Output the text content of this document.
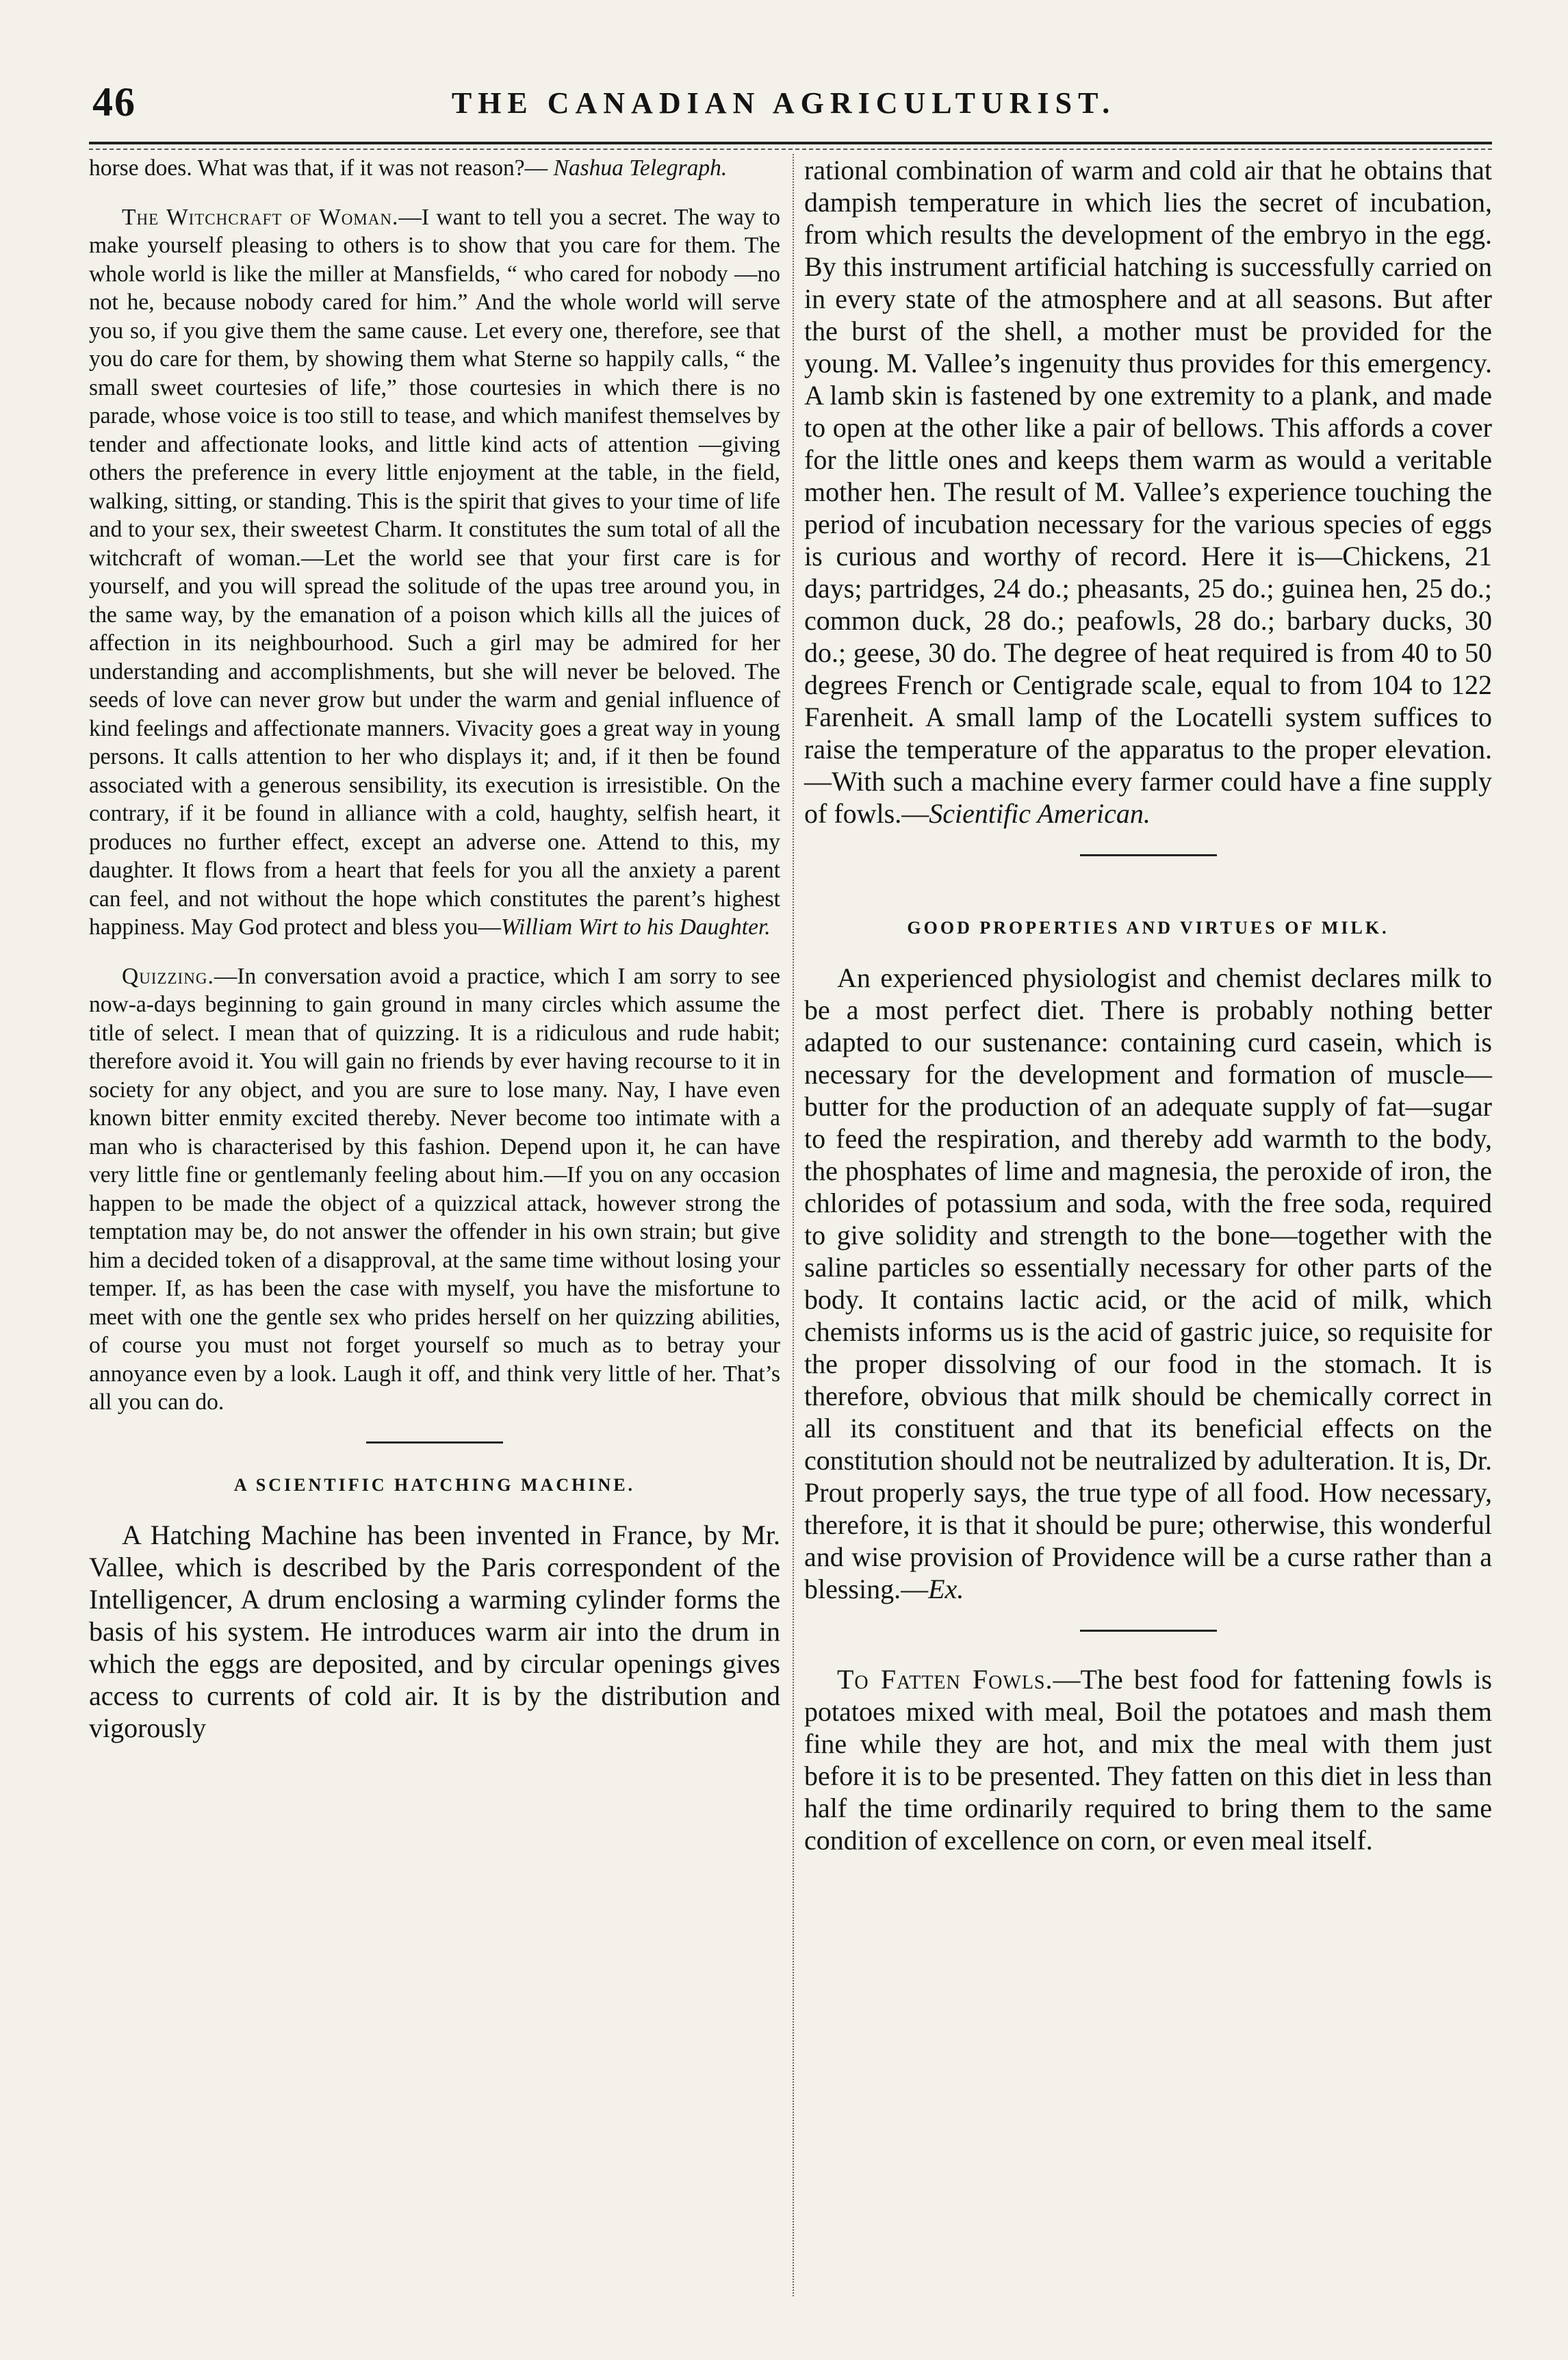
46	THE CANADIAN AGRICULTURIST.

horse does. What was that, if it was not reason?— Nashua Telegraph.

The Witchcraft of Woman.—I want to tell you a secret. The way to make yourself pleasing to others is to show that you care for them. The whole world is like the miller at Mansfields, “ who cared for nobody —no not he, because nobody cared for him.” And the whole world will serve you so, if you give them the same cause. Let every one, therefore, see that you do care for them, by showing them what Sterne so happily calls, “ the small sweet courtesies of life,” those courtesies in which there is no parade, whose voice is too still to tease, and which manifest themselves by tender and affectionate looks, and little kind acts of attention —giving others the preference in every little enjoyment at the table, in the field, walking, sitting, or standing. This is the spirit that gives to your time of life and to your sex, their sweetest Charm. It constitutes the sum total of all the witchcraft of woman.—Let the world see that your first care is for yourself, and you will spread the solitude of the upas tree around you, in the same way, by the emanation of a poison which kills all the juices of affection in its neighbourhood. Such a girl may be admired for her understanding and accomplishments, but she will never be beloved. The seeds of love can never grow but under the warm and genial influence of kind feelings and affectionate manners. Vivacity goes a great way in young persons. It calls attention to her who displays it; and, if it then be found associated with a generous sensibility, its execution is irresistible. On the contrary, if it be found in alliance with a cold, haughty, selfish heart, it produces no further effect, except an adverse one. Attend to this, my daughter. It flows from a heart that feels for you all the anxiety a parent can feel, and not without the hope which constitutes the parent’s highest happiness. May God protect and bless you—William Wirt to his Daughter.

Quizzing.—In conversation avoid a practice, which I am sorry to see now-a-days beginning to gain ground in many circles which assume the title of select. I mean that of quizzing. It is a ridiculous and rude habit; therefore avoid it. You will gain no friends by ever having recourse to it in society for any object, and you are sure to lose many. Nay, I have even known bitter enmity excited thereby. Never become too intimate with a man who is characterised by this fashion. Depend upon it, he can have very little fine or gentlemanly feeling about him.—If you on any occasion happen to be made the object of a quizzical attack, however strong the temptation may be, do not answer the offender in his own strain; but give him a decided token of a disapproval, at the same time without losing your temper. If, as has been the case with myself, you have the misfortune to meet with one the gentle sex who prides herself on her quizzing abilities, of course you must not forget yourself so much as to betray your annoyance even by a look. Laugh it off, and think very little of her. That’s all you can do.

A SCIENTIFIC HATCHING MACHINE.

A Hatching Machine has been invented in France, by Mr. Vallee, which is described by the Paris correspondent of the Intelligencer, A drum enclosing a warming cylinder forms the basis of his system. He introduces warm air into the drum in which the eggs are deposited, and by circular openings gives access to currents of cold air. It is by the distribution and vigorously

rational combination of warm and cold air that he obtains that dampish temperature in which lies the secret of incubation, from which results the development of the embryo in the egg. By this instrument artificial hatching is successfully carried on in every state of the atmosphere and at all seasons. But after the burst of the shell, a mother must be provided for the young. M. Vallee’s ingenuity thus provides for this emergency. A lamb skin is fastened by one extremity to a plank, and made to open at the other like a pair of bellows. This affords a cover for the little ones and keeps them warm as would a veritable mother hen. The result of M. Vallee’s experience touching the period of incubation necessary for the various species of eggs is curious and worthy of record. Here it is—Chickens, 21 days; partridges, 24 do.; pheasants, 25 do.; guinea hen, 25 do.; common duck, 28 do.; peafowls, 28 do.; barbary ducks, 30 do.; geese, 30 do. The degree of heat required is from 40 to 50 degrees French or Centigrade scale, equal to from 104 to 122 Farenheit. A small lamp of the Locatelli system suffices to raise the temperature of the apparatus to the proper elevation.—With such a machine every farmer could have a fine supply of fowls.—Scientific American.

GOOD PROPERTIES AND VIRTUES OF MILK.

An experienced physiologist and chemist declares milk to be a most perfect diet. There is probably nothing better adapted to our sustenance: containing curd casein, which is necessary for the development and formation of muscle—butter for the production of an adequate supply of fat—sugar to feed the respiration, and thereby add warmth to the body, the phosphates of lime and magnesia, the peroxide of iron, the chlorides of potassium and soda, with the free soda, required to give solidity and strength to the bone—together with the saline particles so essentially necessary for other parts of the body. It contains lactic acid, or the acid of milk, which chemists informs us is the acid of gastric juice, so requisite for the proper dissolving of our food in the stomach. It is therefore, obvious that milk should be chemically correct in all its constituent and that its beneficial effects on the constitution should not be neutralized by adulteration. It is, Dr. Prout properly says, the true type of all food. How necessary, therefore, it is that it should be pure; otherwise, this wonderful and wise provision of Providence will be a curse rather than a blessing.—Ex.

To Fatten Fowls.—The best food for fattening fowls is potatoes mixed with meal, Boil the potatoes and mash them fine while they are hot, and mix the meal with them just before it is to be presented. They fatten on this diet in less than half the time ordinarily required to bring them to the same condition of excellence on corn, or even meal itself.
